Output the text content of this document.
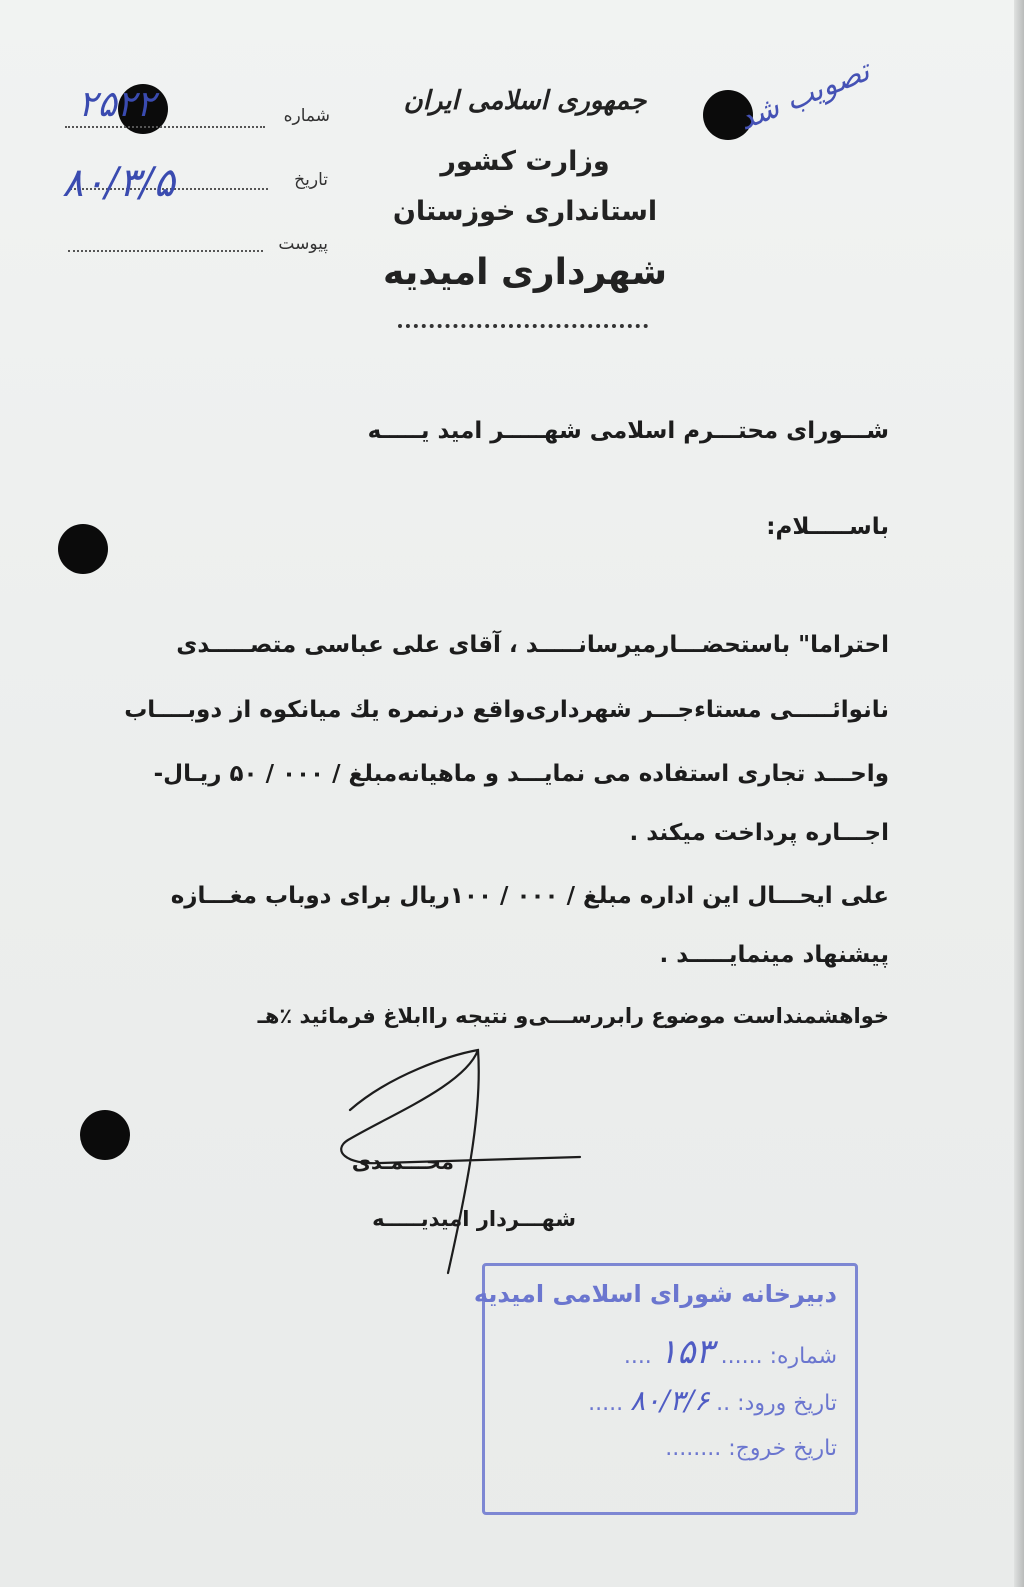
جمهوری اسلامی ایران
وزارت کشور
استانداری خوزستان
شهرداری امیدیه
شماره
۲۵۲۲
تاریخ
۸۰/۳/۵
پیوست
تصویب شد
شـــورای محتـــرم اسلامی شهـــــر امید یـــــه
باســـــلام:
احتراما" باستحضـــارمیرسانـــــد ، آقای علی عباسی متصـــــدی
نانوائـــــی مستاءجـــر شهرداری‌واقع درنمره یك میانکوه از دوبــــاب
واحـــد تجاری استفاده می نمایـــد و ماهیانه‌مبلغ / ۰۰۰ / ۵۰ ریـال-
اجـــاره پرداخت میکند .
علی ایحـــال این اداره مبلغ / ۰۰۰ / ۱۰۰ریال برای دوباب مغـــازه
پیشنهاد مینمایـــــد .
خواهشمنداست موضوع رابررســـی‌و نتیجه راابلاغ فرمائید ٪هـ
محـــمـدی
شهـــردار امیدیـــــه
دبیرخانه شورای اسلامی امیدیه
شماره: ...... ۱۵۳ ....
تاریخ ورود: .. ۸۰/۳/۶ .....
تاریخ خروج: ........
